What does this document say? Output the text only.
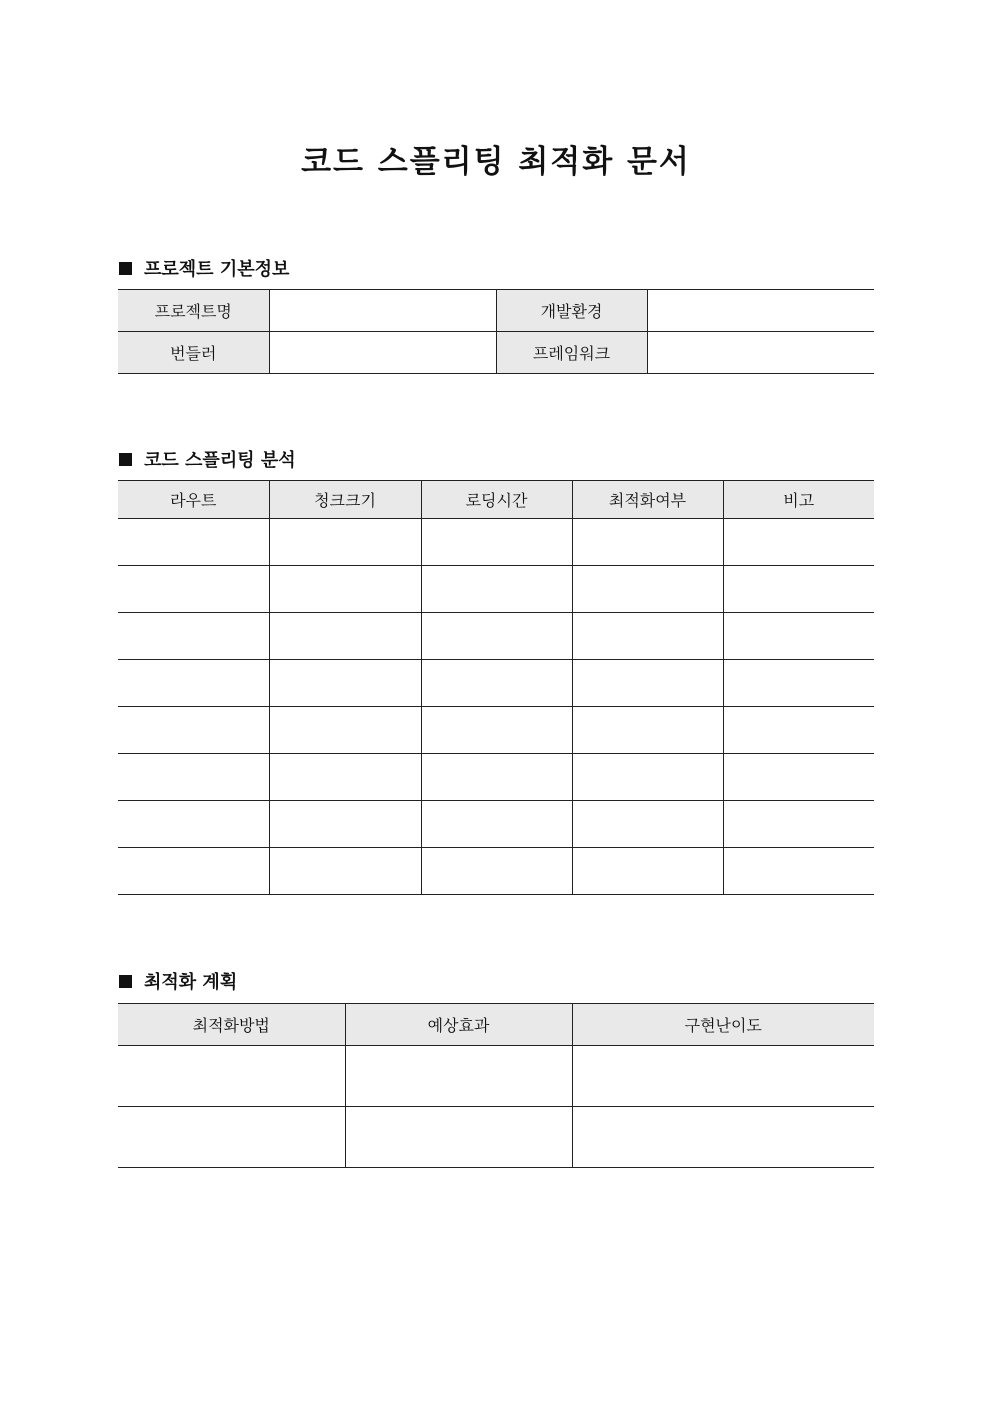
코드 스플리팅 최적화 문서
프로젝트 기본정보
프로젝트명		개발환경	
번들러		프레임워크	
코드 스플리팅 분석
라우트	청크크기	로딩시간	최적화여부	비고

최적화 계획
최적화방법	예상효과	구현난이도
